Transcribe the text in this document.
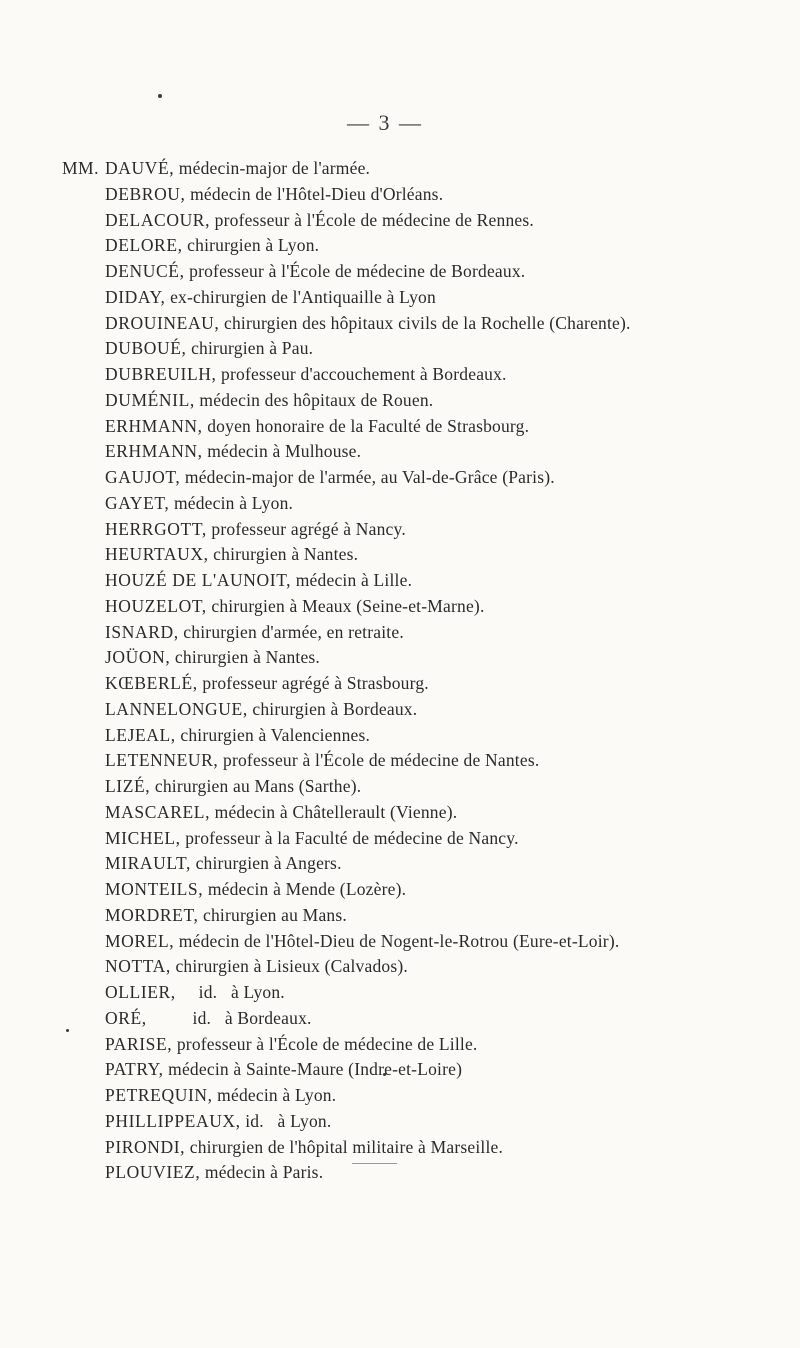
— 3 —
MM. DAUVÉ, médecin-major de l'armée.
DEBROU, médecin de l'Hôtel-Dieu d'Orléans.
DELACOUR, professeur à l'École de médecine de Rennes.
DELORE, chirurgien à Lyon.
DENUCÉ, professeur à l'École de médecine de Bordeaux.
DIDAY, ex-chirurgien de l'Antiquaille à Lyon
DROUINEAU, chirurgien des hôpitaux civils de la Rochelle (Charente).
DUBOUÉ, chirurgien à Pau.
DUBREUILH, professeur d'accouchement à Bordeaux.
DUMÉNIL, médecin des hôpitaux de Rouen.
ERHMANN, doyen honoraire de la Faculté de Strasbourg.
ERHMANN, médecin à Mulhouse.
GAUJOT, médecin-major de l'armée, au Val-de-Grâce (Paris).
GAYET, médecin à Lyon.
HERRGOTT, professeur agrégé à Nancy.
HEURTAUX, chirurgien à Nantes.
HOUZÉ DE L'AUNOIT, médecin à Lille.
HOUZELOT, chirurgien à Meaux (Seine-et-Marne).
ISNARD, chirurgien d'armée, en retraite.
JOÜON, chirurgien à Nantes.
KŒBERLÉ, professeur agrégé à Strasbourg.
LANNELONGUE, chirurgien à Bordeaux.
LEJEAL, chirurgien à Valenciennes.
LETENNEUR, professeur à l'École de médecine de Nantes.
LIZÉ, chirurgien au Mans (Sarthe).
MASCAREL, médecin à Châtellerault (Vienne).
MICHEL, professeur à la Faculté de médecine de Nancy.
MIRAULT, chirurgien à Angers.
MONTEILS, médecin à Mende (Lozère).
MORDRET, chirurgien au Mans.
MOREL, médecin de l'Hôtel-Dieu de Nogent-le-Rotrou (Eure-et-Loir).
NOTTA, chirurgien à Lisieux (Calvados).
OLLIER,     id.   à Lyon.
ORÉ,          id.   à Bordeaux.
PARISE, professeur à l'École de médecine de Lille.
PATRY, médecin à Sainte-Maure (Indre-et-Loire)
PETREQUIN, médecin à Lyon.
PHILLIPPEAUX, id.   à Lyon.
PIRONDI, chirurgien de l'hôpital militaire à Marseille.
PLOUVIEZ, médecin à Paris.
